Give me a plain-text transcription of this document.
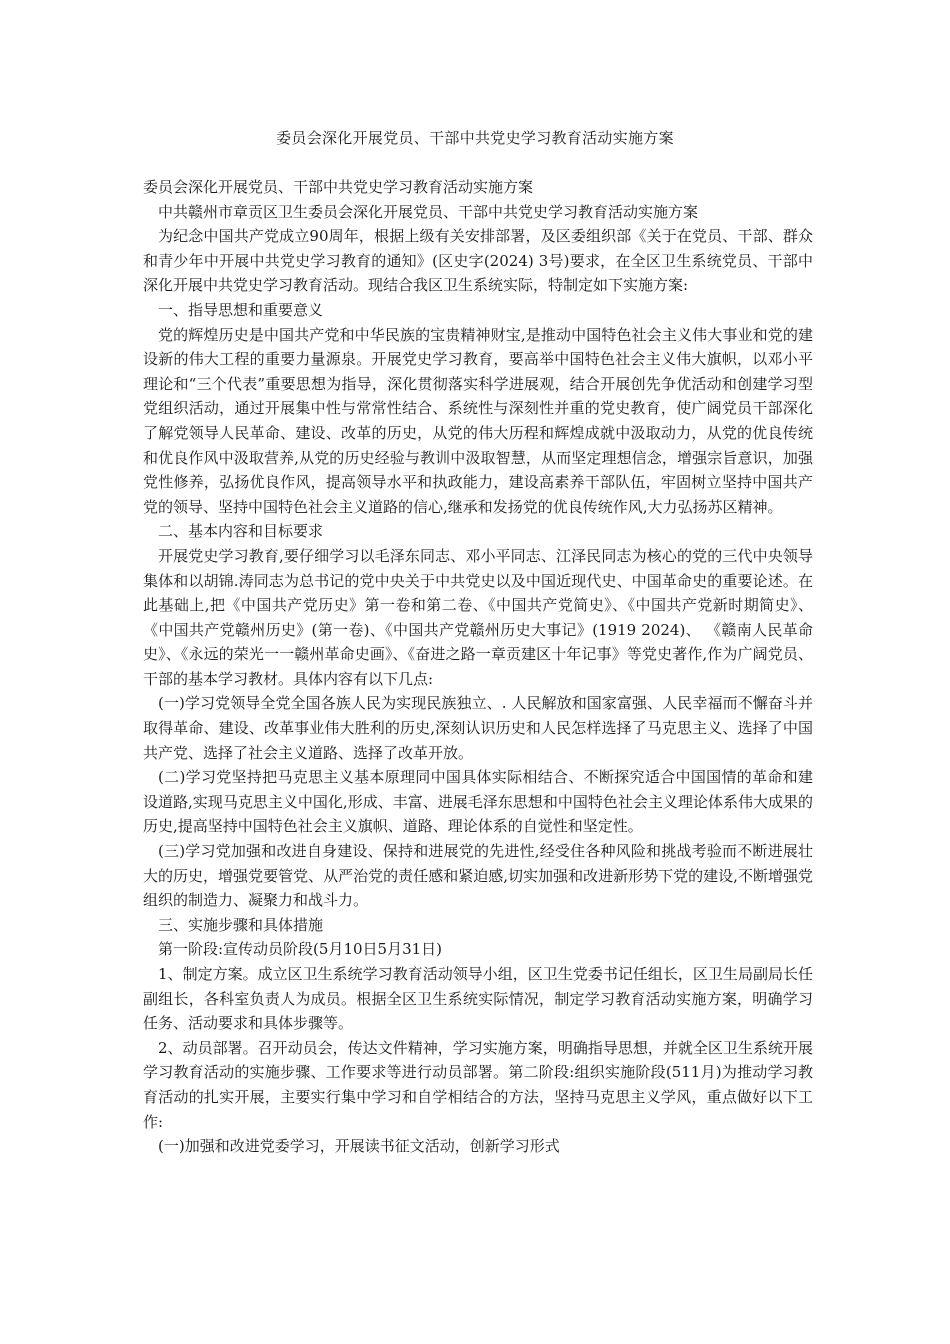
委员会深化开展党员、干部中共党史学习教育活动实施方案

委员会深化开展党员、干部中共党史学习教育活动实施方案

中共赣州市章贡区卫生委员会深化开展党员、干部中共党史学习教育活动实施方案

为纪念中国共产党成立90周年，根据上级有关安排部署，及区委组织部《关于在党员、干部、群众和青少年中开展中共党史学习教育的通知》(区史字(2024) 3号)要求，在全区卫生系统党员、干部中深化开展中共党史学习教育活动。现结合我区卫生系统实际，特制定如下实施方案:

一、指导思想和重要意义

党的辉煌历史是中国共产党和中华民族的宝贵精神财宝,是推动中国特色社会主义伟大事业和党的建设新的伟大工程的重要力量源泉。开展党史学习教育，要高举中国特色社会主义伟大旗帜，以邓小平理论和“三个代表”重要思想为指导，深化贯彻落实科学进展观，结合开展创先争优活动和创建学习型党组织活动，通过开展集中性与常常性结合、系统性与深刻性并重的党史教育，使广阔党员干部深化了解党领导人民革命、建设、改革的历史，从党的伟大历程和辉煌成就中汲取动力，从党的优良传统和优良作风中汲取营养,从党的历史经验与教训中汲取智慧，从而坚定理想信念，增强宗旨意识，加强党性修养，弘扬优良作风，提高领导水平和执政能力，建设高素养干部队伍，牢固树立坚持中国共产党的领导、坚持中国特色社会主义道路的信心,继承和发扬党的优良传统作风,大力弘扬苏区精神。

二、基本内容和目标要求

开展党史学习教育,要仔细学习以毛泽东同志、邓小平同志、江泽民同志为核心的党的三代中央领导集体和以胡锦.涛同志为总书记的党中央关于中共党史以及中国近现代史、中国革命史的重要论述。在此基础上,把《中国共产党历史》第一卷和第二卷、《中国共产党简史》、《中国共产党新时期简史》、《中国共产党赣州历史》(第一卷)、《中国共产党赣州历史大事记》(1919 2024)、 《赣南人民革命史》、《永远的荣光一一赣州革命史画》、《奋进之路一章贡建区十年记事》等党史著作,作为广阔党员、干部的基本学习教材。具体内容有以下几点:

(一)学习党领导全党全国各族人民为实现民族独立、. 人民解放和国家富强、人民幸福而不懈奋斗并取得革命、建设、改革事业伟大胜利的历史,深刻认识历史和人民怎样选择了马克思主义、选择了中国共产党、选择了社会主义道路、选择了改革开放。

(二)学习党坚持把马克思主义基本原理同中国具体实际相结合、不断探究适合中国国情的革命和建设道路,实现马克思主义中国化,形成、丰富、进展毛泽东思想和中国特色社会主义理论体系伟大成果的历史,提高坚持中国特色社会主义旗帜、道路、理论体系的自觉性和坚定性。

(三)学习党加强和改进自身建设、保持和进展党的先进性,经受住各种风险和挑战考验而不断进展壮大的历史，增强党要管党、从严治党的责任感和紧迫感,切实加强和改进新形势下党的建设,不断增强党组织的制造力、凝聚力和战斗力。

三、实施步骤和具体措施

第一阶段:宣传动员阶段(5月10日5月31日)

1、制定方案。成立区卫生系统学习教育活动领导小组，区卫生党委书记任组长，区卫生局副局长任副组长，各科室负责人为成员。根据全区卫生系统实际情况，制定学习教育活动实施方案，明确学习任务、活动要求和具体步骤等。

2、动员部署。召开动员会，传达文件精神，学习实施方案，明确指导思想，并就全区卫生系统开展学习教育活动的实施步骤、工作要求等进行动员部署。第二阶段:组织实施阶段(511月)为推动学习教育活动的扎实开展，主要实行集中学习和自学相结合的方法，坚持马克思主义学风，重点做好以下工作:

(一)加强和改进党委学习，开展读书征文活动，创新学习形式
